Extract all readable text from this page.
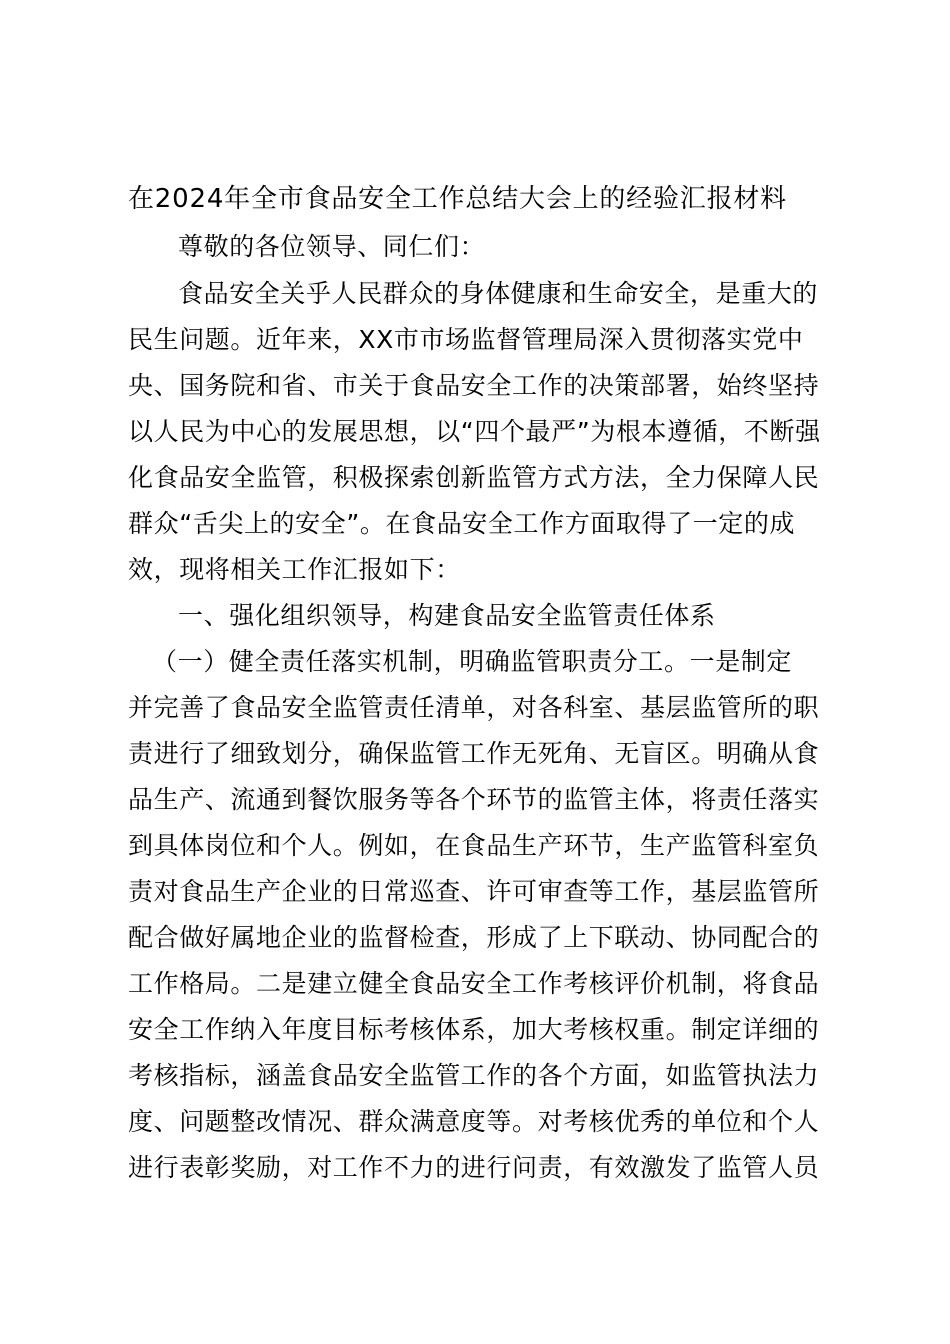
在2024年全市食品安全工作总结大会上的经验汇报材料
尊敬的各位领导、同仁们：
食品安全关乎人民群众的身体健康和生命安全，是重大的
民生问题。近年来，XX市市场监督管理局深入贯彻落实党中
央、国务院和省、市关于食品安全工作的决策部署，始终坚持
以人民为中心的发展思想，以“四个最严”为根本遵循，不断强
化食品安全监管，积极探索创新监管方式方法，全力保障人民
群众“舌尖上的安全”。在食品安全工作方面取得了一定的成
效，现将相关工作汇报如下：
一、强化组织领导，构建食品安全监管责任体系
（一）健全责任落实机制，明确监管职责分工。一是制定
并完善了食品安全监管责任清单，对各科室、基层监管所的职
责进行了细致划分，确保监管工作无死角、无盲区。明确从食
品生产、流通到餐饮服务等各个环节的监管主体，将责任落实
到具体岗位和个人。例如，在食品生产环节，生产监管科室负
责对食品生产企业的日常巡查、许可审查等工作，基层监管所
配合做好属地企业的监督检查，形成了上下联动、协同配合的
工作格局。二是建立健全食品安全工作考核评价机制，将食品
安全工作纳入年度目标考核体系，加大考核权重。制定详细的
考核指标，涵盖食品安全监管工作的各个方面，如监管执法力
度、问题整改情况、群众满意度等。对考核优秀的单位和个人
进行表彰奖励，对工作不力的进行问责，有效激发了监管人员
